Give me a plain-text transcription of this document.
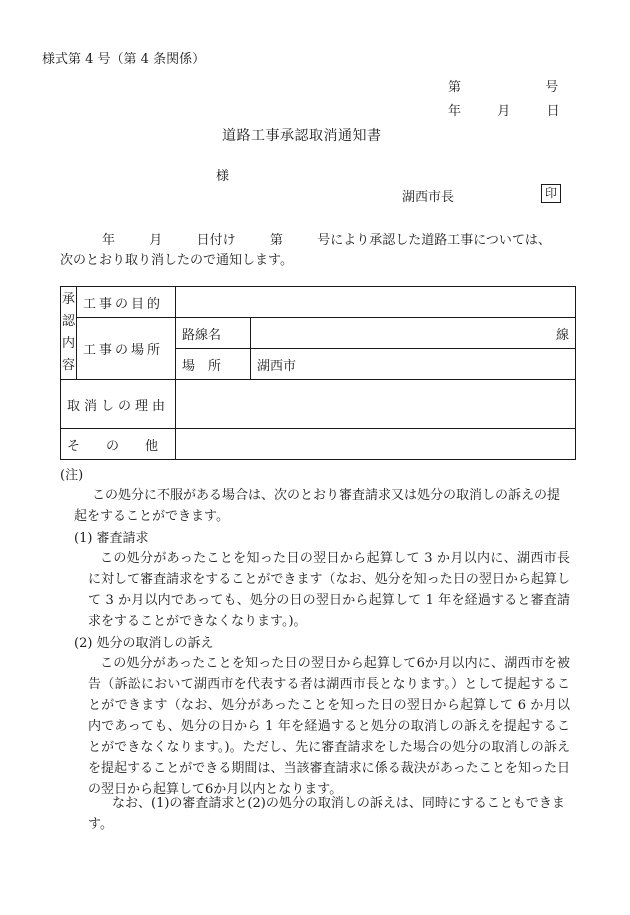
様式第 4 号（第 4 条関係）
第	号
年	月	日
道路工事承認取消通知書
様
湖西市長	印
年	月	日付け	第	号により承認した道路工事については、
次のとおり取り消したので通知します。
承
認
内
容	工事の目的		
	工事の場所	路線名	線
		場　所	湖西市
取消しの理由			
そ　　の　　他			
(注)

この処分に不服がある場合は、次のとおり審査請求又は処分の取消しの訴えの提起をすることができます。

(1) 審査請求

この処分があったことを知った日の翌日から起算して 3 か月以内に、湖西市長に対して審査請求をすることができます（なお、処分を知った日の翌日から起算して 3 か月以内であっても、処分の日の翌日から起算して 1 年を経過すると審査請求をすることができなくなります。)。

(2) 処分の取消しの訴え

この処分があったことを知った日の翌日から起算して6か月以内に、湖西市を被告（訴訟において湖西市を代表する者は湖西市長となります。）として提起することができます（なお、処分があったことを知った日の翌日から起算して 6 か月以内であっても、処分の日から 1 年を経過すると処分の取消しの訴えを提起することができなくなります。)。ただし、先に審査請求をした場合の処分の取消しの訴えを提起することができる期間は、当該審査請求に係る裁決があったことを知った日の翌日から起算して6か月以内となります。

なお、(1)の審査請求と(2)の処分の取消しの訴えは、同時にすることもできます。
